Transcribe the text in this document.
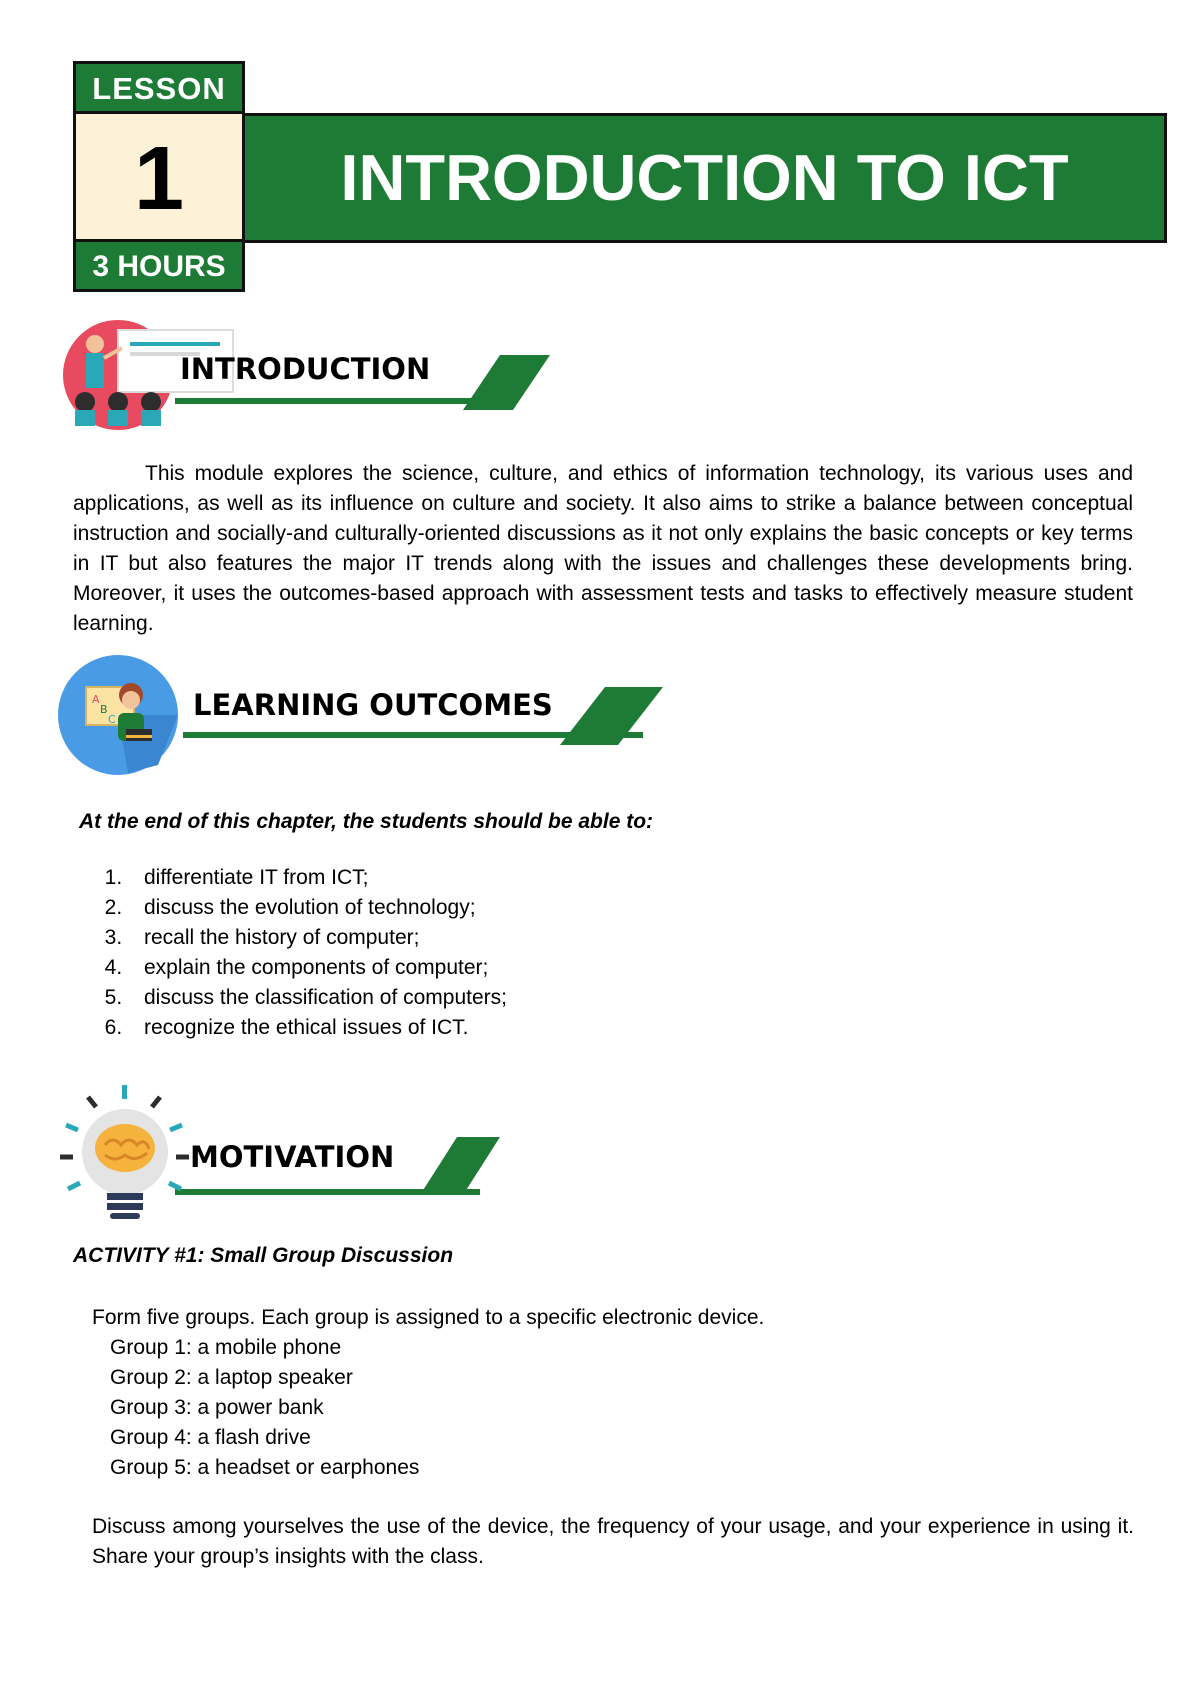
LESSON
1
3 HOURS
INTRODUCTION TO ICT
INTRODUCTION
This module explores the science, culture, and ethics of information technology, its various uses and applications, as well as its influence on culture and society. It also aims to strike a balance between conceptual instruction and socially-and culturally-oriented discussions as it not only explains the basic concepts or key terms in IT but also features the major IT trends along with the issues and challenges these developments bring. Moreover, it uses the outcomes-based approach with assessment tests and tasks to effectively measure student learning.
A
B
C	LEARNING OUTCOMES
At the end of this chapter, the students should be able to:
1. differentiate IT from ICT;
2. discuss the evolution of technology;
3. recall the history of computer;
4. explain the components of computer;
5. discuss the classification of computers;
6. recognize the ethical issues of ICT.
MOTIVATION
ACTIVITY #1: Small Group Discussion
Form five groups. Each group is assigned to a specific electronic device.
Group 1: a mobile phone
Group 2: a laptop speaker
Group 3: a power bank
Group 4: a flash drive
Group 5: a headset or earphones
Discuss among yourselves the use of the device, the frequency of your usage, and your experience in using it. Share your group’s insights with the class.
